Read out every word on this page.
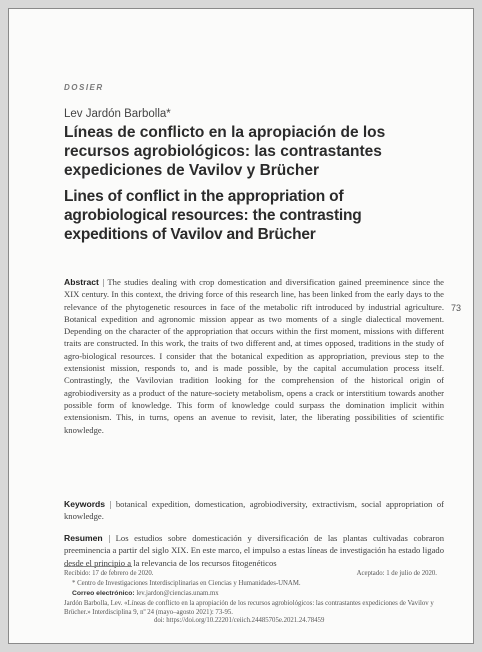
DOSIER
Lev Jardón Barbolla*
Líneas de conflicto en la apropiación de los recursos agrobiológicos: las contrastantes expediciones de Vavilov y Brücher
Lines of conflict in the appropriation of agrobiological resources: the contrasting expeditions of Vavilov and Brücher

Abstract | The studies dealing with crop domestication and diversification gained preeminence since the XIX century. In this context, the driving force of this research line, has been linked from the early days to the relevance of the phytogenetic resources in face of the metabolic rift introduced by industrial agriculture. Botanical expedition and agronomic mission appear as two moments of a single dialectical movement. Depending on the character of the appropriation that occurs within the first moment, missions with different traits are constructed. In this work, the traits of two different and, at times opposed, traditions in the study of agro-biological resources. I consider that the botanical expedition as appropriation, previous step to the extensionist mission, responds to, and is made possible, by the capital accumulation process itself. Contrastingly, the Vavilovian tradition looking for the comprehension of the historical origin of agrobiodiversity as a product of the nature-society metabolism, opens a crack or interstitium towards another possible form of knowledge. This form of knowledge could surpass the domination implicit within extensionism. This, in turns, opens an avenue to revisit, later, the liberating possibilities of scientific knowledge.

Keywords | botanical expedition, domestication, agrobiodiversity, extractivism, social appropriation of knowledge.

Resumen | Los estudios sobre domesticación y diversificación de las plantas cultivadas cobraron preeminencia a partir del siglo XIX. En este marco, el impulso a estas líneas de investigación ha estado ligado desde el principio a la relevancia de los recursos fitogenéticos

73
Recibido: 17 de febrero de 2020.	Aceptado: 1 de julio de 2020.
* Centro de Investigaciones Interdisciplinarias en Ciencias y Humanidades-UNAM.
Correo electrónico: lev.jardon@ciencias.unam.mx
Jardón Barbolla, Lev. «Líneas de conflicto en la apropiación de los recursos agrobiológicos: las contrastantes expediciones de Vavilov y Brücher.» Interdisciplina 9, nº 24 (mayo–agosto 2021): 73-95.
doi: https://doi.org/10.22201/ceiich.24485705e.2021.24.78459
